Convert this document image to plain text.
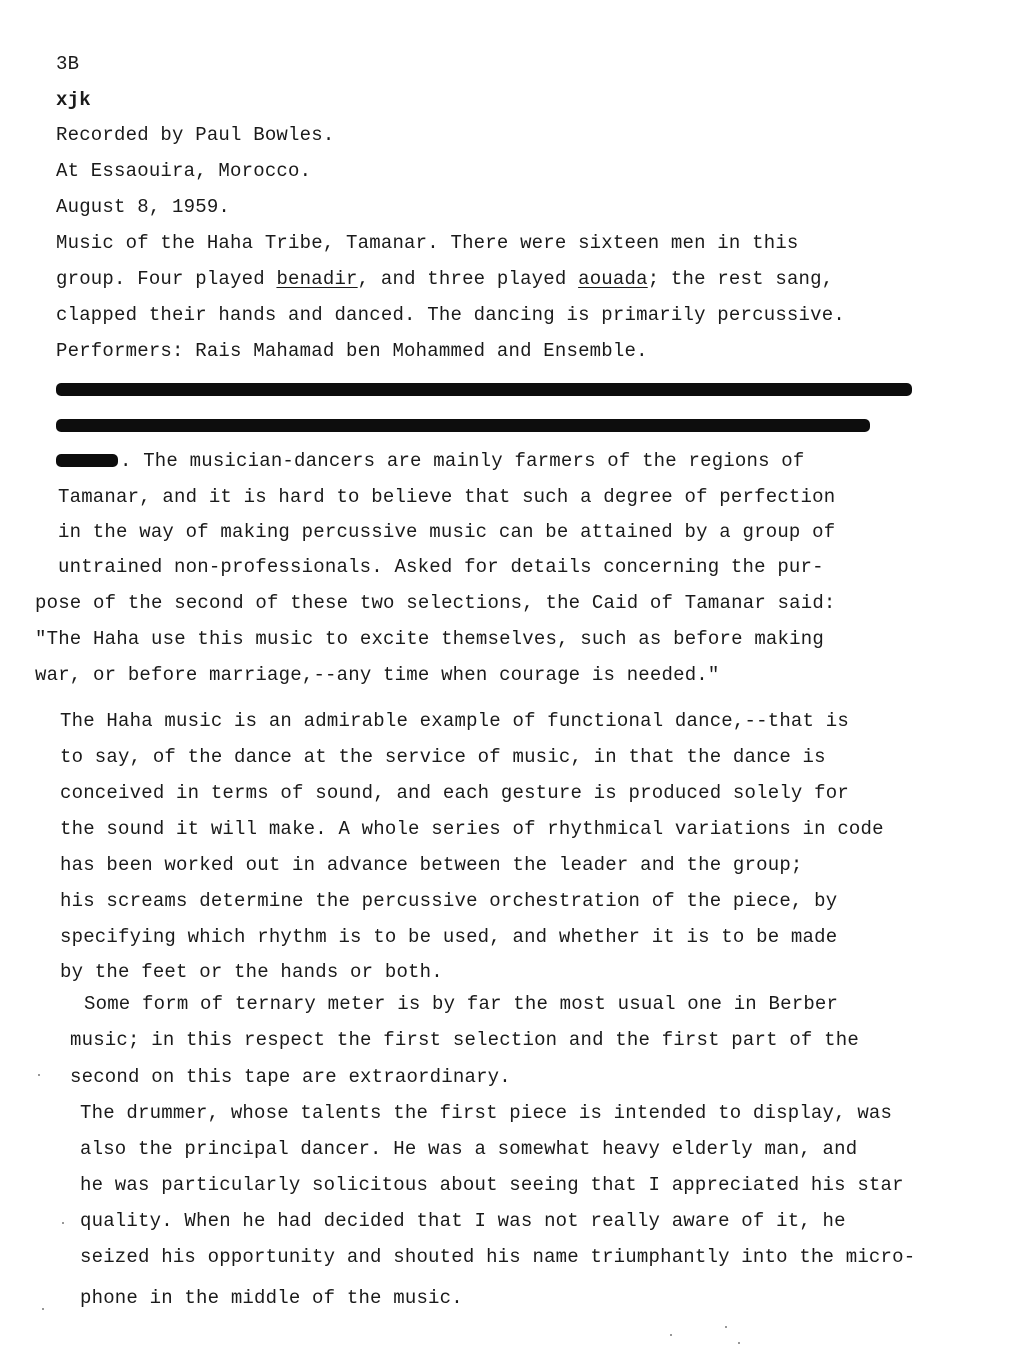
3B
xjk
Recorded by Paul Bowles.
At Essaouira, Morocco.
August 8, 1959.
Music of the Haha Tribe, Tamanar. There were sixteen men in this
group. Four played benadir, and three played aouada; the rest sang,
clapped their hands and danced. The dancing is primarily percussive.
Performers: Rais Mahamad ben Mohammed and Ensemble.
. The musician-dancers are mainly farmers of the regions of
Tamanar, and it is hard to believe that such a degree of perfection
in the way of making percussive music can be attained by a group of
untrained non-professionals. Asked for details concerning the pur-
pose of the second of these two selections, the Caid of Tamanar said:
"The Haha use this music to excite themselves, such as before making
war, or before marriage,--any time when courage is needed."
The Haha music is an admirable example of functional dance,--that is
to say, of the dance at the service of music, in that the dance is
conceived in terms of sound, and each gesture is produced solely for
the sound it will make. A whole series of rhythmical variations in code
has been worked out in advance between the leader and the group;
his screams determine the percussive orchestration of the piece, by
specifying which rhythm is to be used, and whether it is to be made
by the feet or the hands or both.
Some form of ternary meter is by far the most usual one in Berber
music; in this respect the first selection and the first part of the
second on this tape are extraordinary.
The drummer, whose talents the first piece is intended to display, was
also the principal dancer. He was a somewhat heavy elderly man, and
he was particularly solicitous about seeing that I appreciated his star
quality. When he had decided that I was not really aware of it, he
seized his opportunity and shouted his name triumphantly into the micro-
phone in the middle of the music.
